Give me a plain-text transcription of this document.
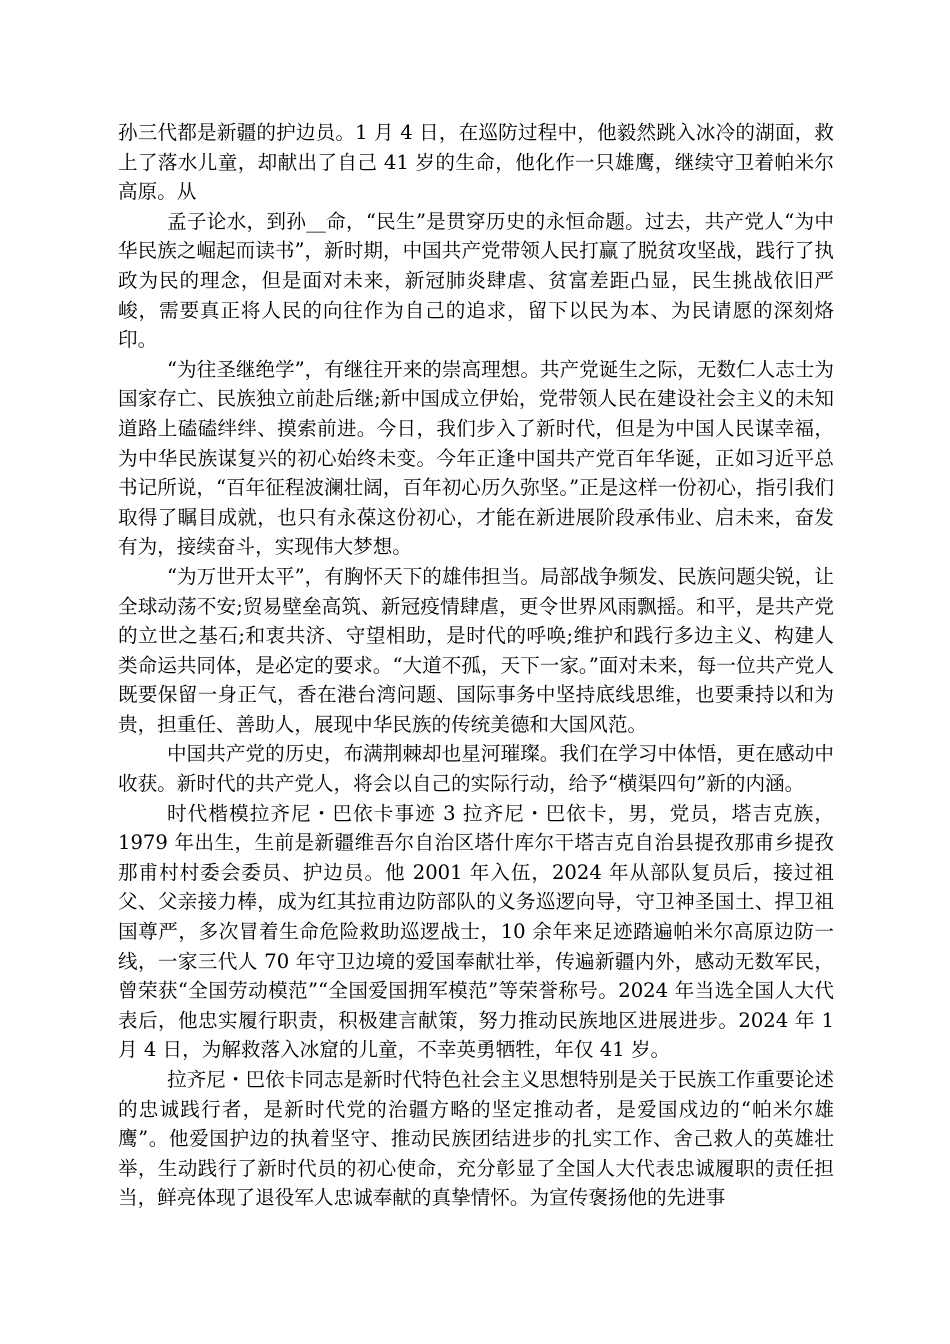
孙三代都是新疆的护边员。1 月 4 日，在巡防过程中，他毅然跳入冰冷的湖面，救上了落水儿童，却献出了自己 41 岁的生命，他化作一只雄鹰，继续守卫着帕米尔高原。从

孟子论水，到孙__命，“民生”是贯穿历史的永恒命题。过去，共产党人“为中华民族之崛起而读书”，新时期，中国共产党带领人民打赢了脱贫攻坚战，践行了执政为民的理念，但是面对未来，新冠肺炎肆虐、贫富差距凸显，民生挑战依旧严峻，需要真正将人民的向往作为自己的追求，留下以民为本、为民请愿的深刻烙印。

“为往圣继绝学”，有继往开来的崇高理想。共产党诞生之际，无数仁人志士为国家存亡、民族独立前赴后继;新中国成立伊始，党带领人民在建设社会主义的未知道路上磕磕绊绊、摸索前进。今日，我们步入了新时代，但是为中国人民谋幸福，为中华民族谋复兴的初心始终未变。今年正逢中国共产党百年华诞，正如习近平总书记所说，“百年征程波澜壮阔，百年初心历久弥坚。”正是这样一份初心，指引我们取得了瞩目成就，也只有永葆这份初心，才能在新进展阶段承伟业、启未来，奋发有为，接续奋斗，实现伟大梦想。

“为万世开太平”，有胸怀天下的雄伟担当。局部战争频发、民族问题尖锐，让全球动荡不安;贸易壁垒高筑、新冠疫情肆虐，更令世界风雨飘摇。和平，是共产党的立世之基石;和衷共济、守望相助，是时代的呼唤;维护和践行多边主义、构建人类命运共同体，是必定的要求。“大道不孤，天下一家。”面对未来，每一位共产党人既要保留一身正气，香在港台湾问题、国际事务中坚持底线思维，也要秉持以和为贵，担重任、善助人，展现中华民族的传统美德和大国风范。

中国共产党的历史，布满荆棘却也星河璀璨。我们在学习中体悟，更在感动中收获。新时代的共产党人，将会以自己的实际行动，给予“横渠四句”新的内涵。

时代楷模拉齐尼・巴依卡事迹 3 拉齐尼・巴依卡，男，党员，塔吉克族，1979 年出生，生前是新疆维吾尔自治区塔什库尔干塔吉克自治县提孜那甫乡提孜那甫村村委会委员、护边员。他 2001 年入伍，2024 年从部队复员后，接过祖父、父亲接力棒，成为红其拉甫边防部队的义务巡逻向导，守卫神圣国土、捍卫祖国尊严，多次冒着生命危险救助巡逻战士，10 余年来足迹踏遍帕米尔高原边防一线，一家三代人 70 年守卫边境的爱国奉献壮举，传遍新疆内外，感动无数军民，曾荣获“全国劳动模范”“全国爱国拥军模范”等荣誉称号。2024 年当选全国人大代表后，他忠实履行职责，积极建言献策，努力推动民族地区进展进步。2024 年 1 月 4 日，为解救落入冰窟的儿童，不幸英勇牺牲，年仅 41 岁。

拉齐尼・巴依卡同志是新时代特色社会主义思想特别是关于民族工作重要论述的忠诚践行者，是新时代党的治疆方略的坚定推动者，是爱国戍边的“帕米尔雄鹰”。他爱国护边的执着坚守、推动民族团结进步的扎实工作、舍己救人的英雄壮举，生动践行了新时代员的初心使命，充分彰显了全国人大代表忠诚履职的责任担当，鲜亮体现了退役军人忠诚奉献的真挚情怀。为宣传褒扬他的先进事
